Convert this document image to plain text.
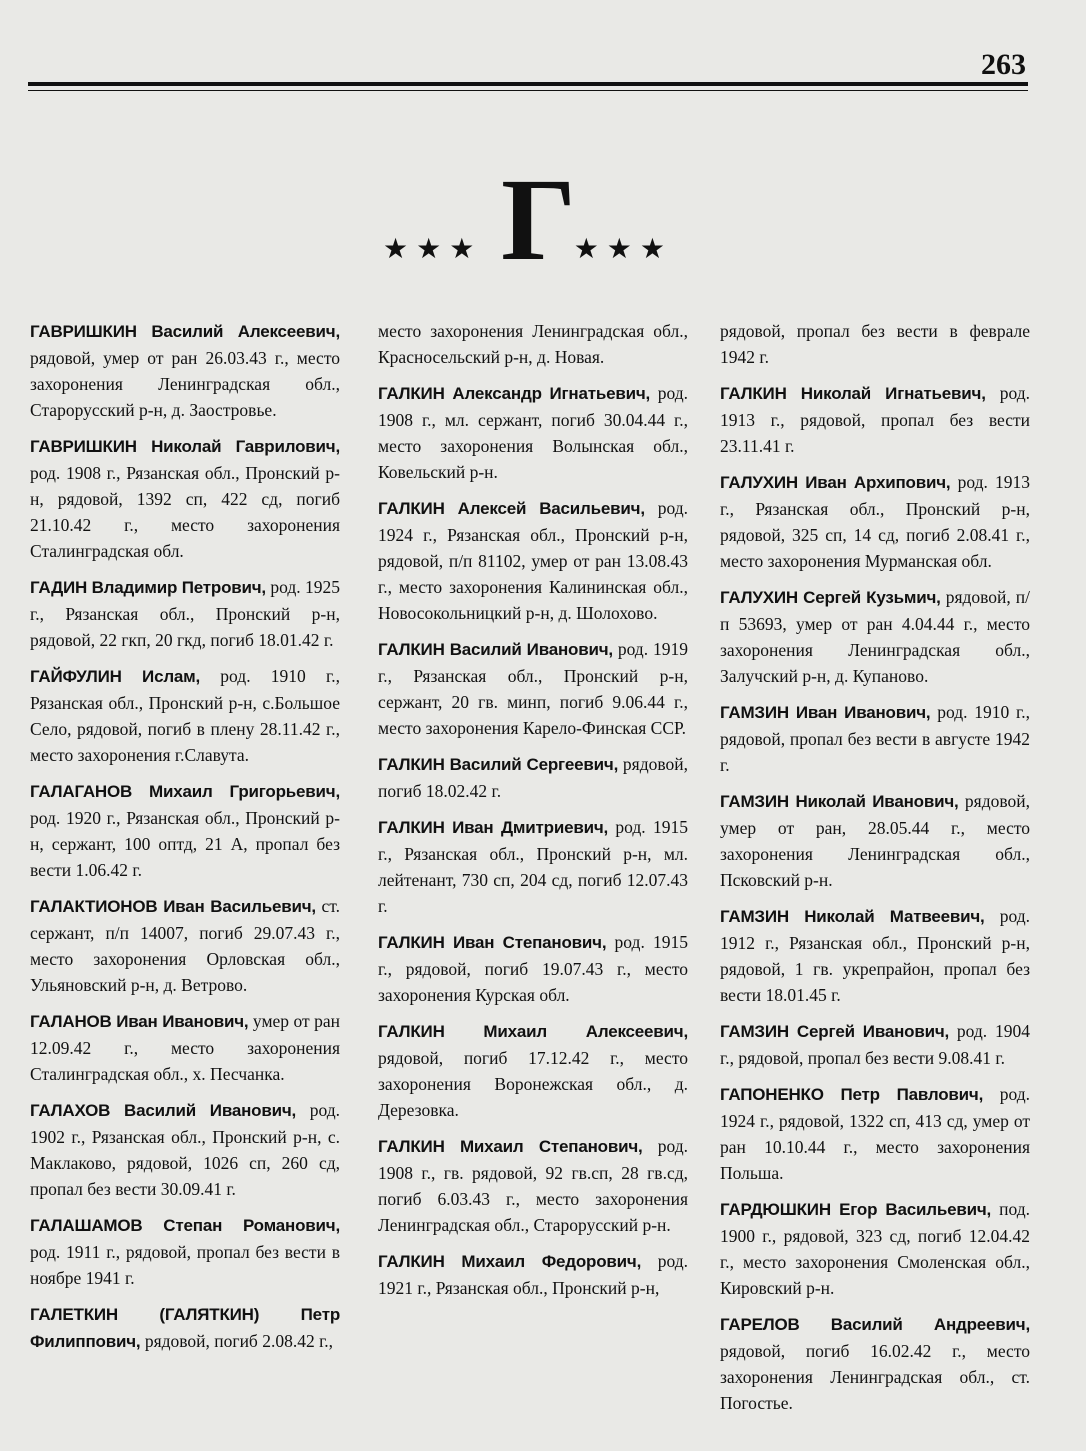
263
★★★ Г
★★★

ГАВРИШКИН Василий Алексеевич, рядовой, умер от ран 26.03.43 г., место захоронения Ленинградская обл., Старорусский р-н, д. Заостровье.

ГАВРИШКИН Николай Гаврилович, род. 1908 г., Рязанская обл., Пронский р-н, рядовой, 1392 сп, 422 сд, погиб 21.10.42 г., место захоронения Сталинградская обл.

ГАДИН Владимир Петрович, род. 1925 г., Рязанская обл., Пронский р-н, рядовой, 22 гкп, 20 гкд, погиб 18.01.42 г.

ГАЙФУЛИН Ислам, род. 1910 г., Рязанская обл., Пронский р-н, с.Большое Село, рядовой, погиб в плену 28.11.42 г., место захоронения г.Славута.

ГАЛАГАНОВ Михаил Григорьевич, род. 1920 г., Рязанская обл., Пронский р-н, сержант, 100 оптд, 21 А, пропал без вести 1.06.42 г.

ГАЛАКТИОНОВ Иван Васильевич, ст. сержант, п/п 14007, погиб 29.07.43 г., место захоронения Орловская обл., Ульяновский р-н, д. Ветрово.

ГАЛАНОВ Иван Иванович, умер от ран 12.09.42 г., место захоронения Сталинградская обл., х. Песчанка.

ГАЛАХОВ Василий Иванович, род. 1902 г., Рязанская обл., Пронский р-н, с. Маклаково, рядовой, 1026 сп, 260 сд, пропал без вести 30.09.41 г.

ГАЛАШАМОВ Степан Романович, род. 1911 г., рядовой, пропал без вести в ноябре 1941 г.

ГАЛЕТКИН (ГАЛЯТКИН) Петр Филиппович, рядовой, погиб 2.08.42 г.,

место захоронения Ленинградская обл., Красносельский р-н, д. Новая.

ГАЛКИН Александр Игнатьевич, род. 1908 г., мл. сержант, погиб 30.04.44 г., место захоронения Волынская обл., Ковельский р-н.

ГАЛКИН Алексей Васильевич, род. 1924 г., Рязанская обл., Пронский р-н, рядовой, п/п 81102, умер от ран 13.08.43 г., место захоронения Калининская обл., Новосокольницкий р-н, д. Шолохово.

ГАЛКИН Василий Иванович, род. 1919 г., Рязанская обл., Пронский р-н, сержант, 20 гв. минп, погиб 9.06.44 г., место захоронения Карело-Финская ССР.

ГАЛКИН Василий Сергеевич, рядовой, погиб 18.02.42 г.

ГАЛКИН Иван Дмитриевич, род. 1915 г., Рязанская обл., Пронский р-н, мл. лейтенант, 730 сп, 204 сд, погиб 12.07.43 г.

ГАЛКИН Иван Степанович, род. 1915 г., рядовой, погиб 19.07.43 г., место захоронения Курская обл.

ГАЛКИН Михаил Алексеевич, рядовой, погиб 17.12.42 г., место захоронения Воронежская обл., д. Дерезовка.

ГАЛКИН Михаил Степанович, род. 1908 г., гв. рядовой, 92 гв.сп, 28 гв.сд, погиб 6.03.43 г., место захоронения Ленинградская обл., Старорусский р-н.

ГАЛКИН Михаил Федорович, род. 1921 г., Рязанская обл., Пронский р-н,

рядовой, пропал без вести в феврале 1942 г.

ГАЛКИН Николай Игнатьевич, род. 1913 г., рядовой, пропал без вести 23.11.41 г.

ГАЛУХИН Иван Архипович, род. 1913 г., Рязанская обл., Пронский р-н, рядовой, 325 сп, 14 сд, погиб 2.08.41 г., место захоронения Мурманская обл.

ГАЛУХИН Сергей Кузьмич, рядовой, п/п 53693, умер от ран 4.04.44 г., место захоронения Ленинградская обл., Залучский р-н, д. Купаново.

ГАМЗИН Иван Иванович, род. 1910 г., рядовой, пропал без вести в августе 1942 г.

ГАМЗИН Николай Иванович, рядовой, умер от ран, 28.05.44 г., место захоронения Ленинградская обл., Псковский р-н.

ГАМЗИН Николай Матвеевич, род. 1912 г., Рязанская обл., Пронский р-н, рядовой, 1 гв. укрепрайон, пропал без вести 18.01.45 г.

ГАМЗИН Сергей Иванович, род. 1904 г., рядовой, пропал без вести 9.08.41 г.

ГАПОНЕНКО Петр Павлович, род. 1924 г., рядовой, 1322 сп, 413 сд, умер от ран 10.10.44 г., место захоронения Польша.

ГАРДЮШКИН Егор Васильевич, под. 1900 г., рядовой, 323 сд, погиб 12.04.42 г., место захоронения Смоленская обл., Кировский р-н.

ГАРЕЛОВ Василий Андреевич, рядовой, погиб 16.02.42 г., место захоронения Ленинградская обл., ст. Погостье.
